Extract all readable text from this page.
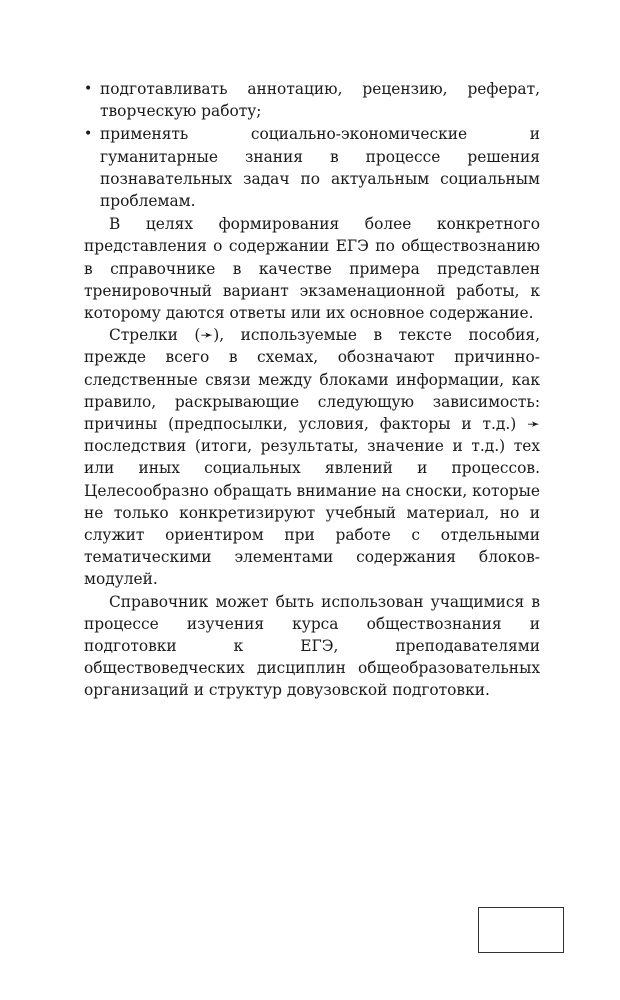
• подготавливать аннотацию, рецензию, реферат, творческую работу;
• применять социально-экономические и гуманитарные знания в процессе решения познавательных задач по актуальным социальным проблемам.

В целях формирования более конкретного представления о содержании ЕГЭ по обществознанию в справочнике в качестве примера представлен тренировочный вариант экзаменационной работы, к которому даются ответы или их основное содержание.

Стрелки (➛), используемые в тексте пособия, прежде всего в схемах, обозначают причинно-следственные связи между блоками информации, как правило, раскрывающие следующую зависимость: причины (предпосылки, условия, факторы и т.д.) ➛ последствия (итоги, результаты, значение и т.д.) тех или иных социальных явлений и процессов. Целесообразно обращать внимание на сноски, которые не только конкретизируют учебный материал, но и служит ориентиром при работе с отдельными тематическими элементами содержания блоков-модулей.

Справочник может быть использован учащимися в процессе изучения курса обществознания и подготовки к ЕГЭ, преподавателями обществоведческих дисциплин общеобразовательных организаций и структур довузовской подготовки.
